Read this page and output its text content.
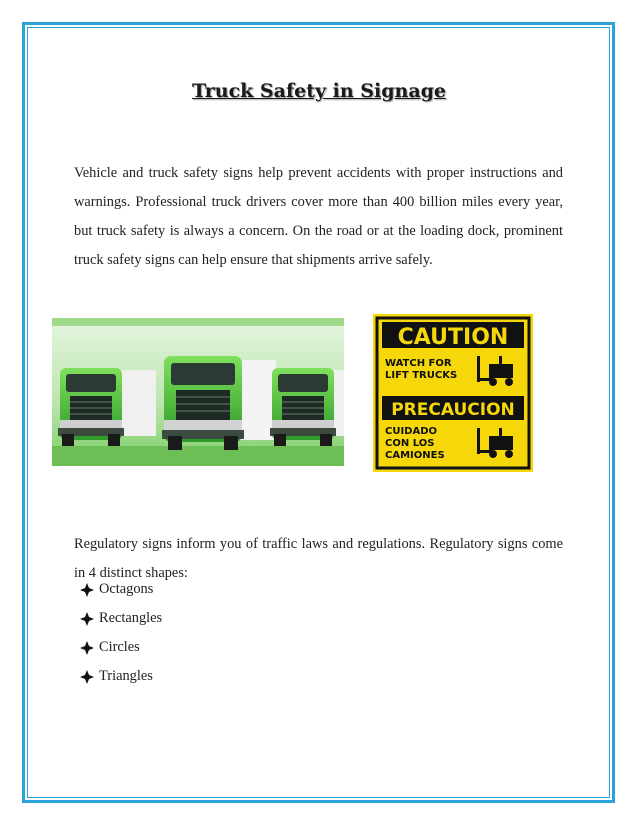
Truck Safety in Signage

Vehicle and truck safety signs help prevent accidents with proper instructions and warnings. Professional truck drivers cover more than 400 billion miles every year, but truck safety is always a concern. On the road or at the loading dock, prominent truck safety signs can help ensure that shipments arrive safely.

CAUTION
WATCH FOR
LIFT TRUCKS
PRECAUCION
CUIDADO
CON LOS
CAMIONES

Regulatory signs inform you of traffic laws and regulations. Regulatory signs come in 4 distinct shapes:

Octagons
Rectangles
Circles
Triangles
